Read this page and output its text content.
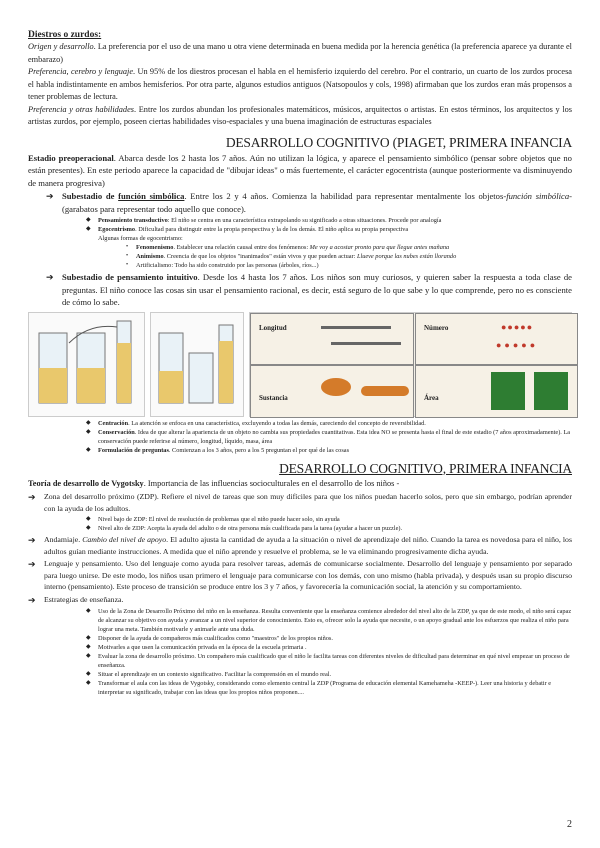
Diestros o zurdos:

Origen y desarrollo. La preferencia por el uso de una mano u otra viene determinada en buena medida por la herencia genética (la preferencia aparece ya durante el embarazo)

Preferencia, cerebro y lenguaje. Un 95% de los diestros procesan el habla en el hemisferio izquierdo del cerebro. Por el contrario, un cuarto de los zurdos procesa el habla indistintamente en ambos hemisferios. Por otra parte, algunos estudios antiguos (Natsopoulos y cols, 1998) afirmaban que los zurdos eran más propensos a tener problemas de lectura.

Preferencia y otras habilidades. Entre los zurdos abundan los profesionales matemáticos, músicos, arquitectos o artistas. En estos términos, los arquitectos y los artistas zurdos, por ejemplo, poseen ciertas habilidades viso-espaciales y una buena imaginación de estructuras espaciales

DESARROLLO COGNITIVO (PIAGET, PRIMERA INFANCIA

Estadio preoperacional. Abarca desde los 2 hasta los 7 años. Aún no utilizan la lógica, y aparece el pensamiento simbólico (pensar sobre objetos que no están presentes). En este periodo aparece la capacidad de "dibujar ideas" o más fuertemente, el carácter egocentrista (aunque posteriormente va disminuyendo de manera progresiva)

➔ Subestadio de función simbólica. Entre los 2 y 4 años. Comienza la habilidad para representar mentalmente los objetos-función simbólica- (garabatos para representar todo aquello que conoce).

◆	Pensamiento transductivo: El niño se centra en una característica extrapolando su significado a otras situaciones. Procede por analogía
◆	Egocentrismo. Dificultad para distinguir entre la propia perspectiva y la de los demás. El niño aplica su propia perspectiva
Algunas formas de egocentrismo:
•	Fenomenismo. Establecer una relación causal entre dos fenómenos: Me voy a acostar pronto para que llegue antes mañana
•	Animismo. Creencia de que los objetos "inanimados" están vivos y que pueden actuar: Llueve porque las nubes están llorando
•	Artificialismo: Todo ha sido construido por las personas (árboles, ríos...)
➔ Subestadio de pensamiento intuitivo. Desde los 4 hasta los 7 años. Los niños son muy curiosos, y quieren saber la respuesta a toda clase de preguntas. El niño conoce las cosas sin usar el pensamiento racional, es decir, está seguro de lo que sabe y lo que comprende, pero no es consciente de cómo lo sabe.

Longitud	Número	●●●●●
●●●●●
Sustancia	Área
◆	Centración. La atención se enfoca en una característica, excluyendo a todas las demás, careciendo del concepto de reversibilidad.
◆	Conservación. Idea de que alterar la apariencia de un objeto no cambia sus propiedades cuantitativas. Esta idea NO se presenta hasta el final de este estadio (7 años aproximadamente). La conservación puede referirse al número, longitud, líquido, masa, área
◆	Formulación de preguntas. Comienzan a los 3 años, pero a los 5 preguntan el por qué de las cosas
DESARROLLO COGNITIVO, PRIMERA INFANCIA

Teoría de desarrollo de Vygotsky. Importancia de las influencias socioculturales en el desarrollo de los niños -

➔	Zona del desarrollo próximo (ZDP). Refiere el nivel de tareas que son muy difíciles para que los niños puedan hacerlo solos, pero que sin embargo, podrían aprender con la ayuda de los adultos.

◆	Nivel bajo de ZDP: El nivel de resolución de problemas que el niño puede hacer solo, sin ayuda
◆	Nivel alto de ZDP: Acepta la ayuda del adulto o de otra persona más cualificada para la tarea (ayudar a hacer un puzzle).
➔	Andamiaje. Cambio del nivel de apoyo. El adulto ajusta la cantidad de ayuda a la situación o nivel de aprendizaje del niño. Cuando la tarea es novedosa para el niño, los adultos guían mediante instrucciones. A medida que el niño aprende y resuelve el problema, se le va eliminando progresivamente dicha ayuda.

➔	Lenguaje y pensamiento. Uso del lenguaje como ayuda para resolver tareas, además de comunicarse socialmente. Desarrollo del lenguaje y pensamiento por separado para luego unirse. De este modo, los niños usan primero el lenguaje para comunicarse con los demás, con uno mismo (habla privada), y después usan su propio discurso interno (pensamiento). Este proceso de transición se produce entre los 3 y 7 años, y favorecería la comunicación social, la atención y su comportamiento.

➔	Estrategias de enseñanza.

◆	Uso de la Zona de Desarrollo Próximo del niño en la enseñanza. Resulta conveniente que la enseñanza comience alrededor del nivel alto de la ZDP, ya que de este modo, el niño será capaz de alcanzar su objetivo con ayuda y avanzar a un nivel superior de conocimiento. Esto es, ofrecer solo la ayuda que necesite, o un apoyo gradual ante los esfuerzos que realiza el niño para lograr una meta. También motivarle y animarle ante una duda.
◆	Disponer de la ayuda de compañeros más cualificados como "maestros" de los propios niños.
◆	Motivarles a que usen la comunicación privada en la época de la escuela primaria .
◆	Evaluar la zona de desarrollo próximo. Un compañero más cualificado que el niño le facilita tareas con diferentes niveles de dificultad para determinar en qué nivel empezar un proceso de enseñanza.
◆	Situar el aprendizaje en un contexto significativo. Facilitar la comprensión en el mundo real.
◆	Transformar el aula con las ideas de Vygotsky, considerando como elemento central la ZDP (Programa de educación elemental Kamehameha -KEEP-). Leer una historia y debatir e interpretar su significado, trabajar con las ideas que los propios niños proponen....
2
